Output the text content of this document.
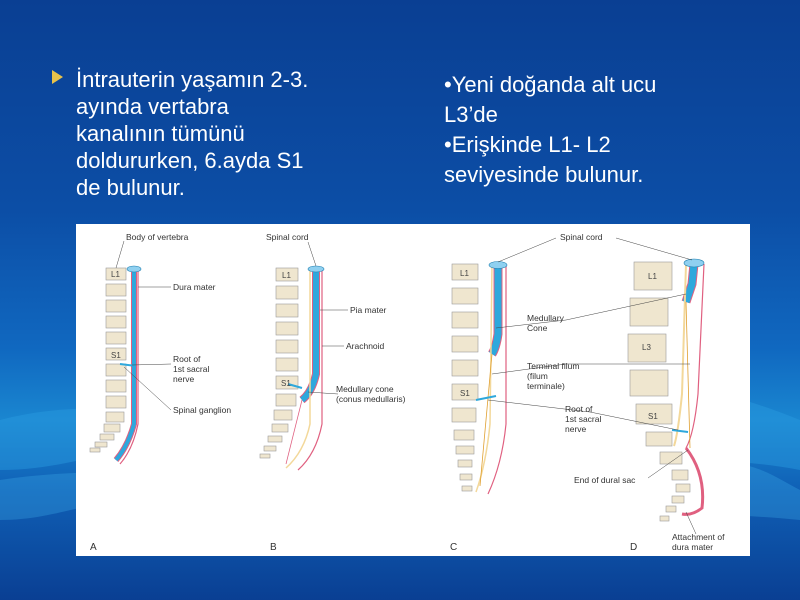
İntrauterin yaşamın 2-3.
ayında vertabra
kanalının tümünü
doldururken, 6.ayda S1
de bulunur.
•Yeni doğanda alt ucu
L3’de
•Erişkinde L1- L2
seviyesinde bulunur.
L1
S1
Body of vertebra
Dura mater
Root of
1st sacral
nerve
Spinal ganglion
A
L1
S1
Spinal cord
Pia mater
Arachnoid
Medullary cone
(conus medullaris)
B
L1
S1
C
L1
L3
S1
D
Spinal cord
Medullary
Cone
Terminal filum
(filum
terminale)
Root of
1st sacral
nerve
End of dural sac
Attachment of
dura mater
